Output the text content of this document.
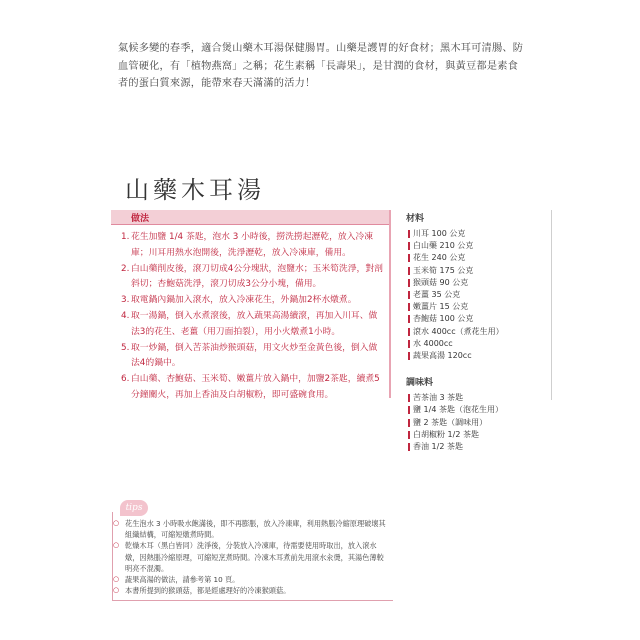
氣候多變的春季，適合煲山藥木耳湯保健腸胃。山藥是護胃的好食材；黑木耳可清腸、防血管硬化，有「植物燕窩」之稱；花生素稱「長壽果」，是甘潤的食材，與黃豆都是素食者的蛋白質來源，能帶來春天滿滿的活力！

山藥木耳湯
做法
1. 花生加鹽 1/4 茶匙，泡水 3 小時後，撈洗撈起瀝乾，放入冷凍庫；川耳用熱水泡開後，洗淨瀝乾，放入冷凍庫，備用。
2. 白山藥削皮後，滾刀切成4公分塊狀，泡鹽水；玉米筍洗淨，對剖斜切；杏鮑菇洗淨，滾刀切成3公分小塊，備用。
3. 取電鍋內鍋加入滾水，放入冷凍花生，外鍋加2杯水燉煮。
4. 取一湯鍋，倒入水煮滾後，放入蔬果高湯續滾，再加入川耳、做法3的花生、老薑（用刀面拍裂），用小火燉煮1小時。
5. 取一炒鍋，倒入苦茶油炒猴頭菇，用文火炒至金黃色後，倒入做法4的鍋中。
6. 白山藥、杏鮑菇、玉米筍、嫩薑片放入鍋中，加鹽2茶匙，續煮5分鐘關火，再加上香油及白胡椒粉，即可盛碗食用。
材料
川耳 100 公克
白山藥 210 公克
花生 240 公克
玉米筍 175 公克
猴頭菇 90 公克
老薑 35 公克
嫩薑片 15 公克
杏鮑菇 100 公克
滾水 400cc（煮花生用）
水 4000cc
蔬果高湯 120cc
調味料
苦茶油 3 茶匙
鹽 1/4 茶匙（泡花生用）
鹽 2 茶匙（調味用）
白胡椒粉 1/2 茶匙
香油 1/2 茶匙
tips
○ 花生泡水 3 小時吸水飽滿後，即不再膨脹，放入冷凍庫，利用熱脹冷縮原理破壞其組織結構，可縮短燉煮時間。
○ 乾燥木耳（黑白皆同）洗淨後，分裝放入冷凍庫，待需要使用時取出，放入滾水燉，因熱脹冷縮原理，可縮短烹煮時間。冷凍木耳煮前先用滾水汆燙，其湯色薄較明亮不混濁。
○ 蔬果高湯的做法，請參考第 10 頁。
○ 本書所提到的猴頭菇，都是經處理好的冷凍猴頭菇。
